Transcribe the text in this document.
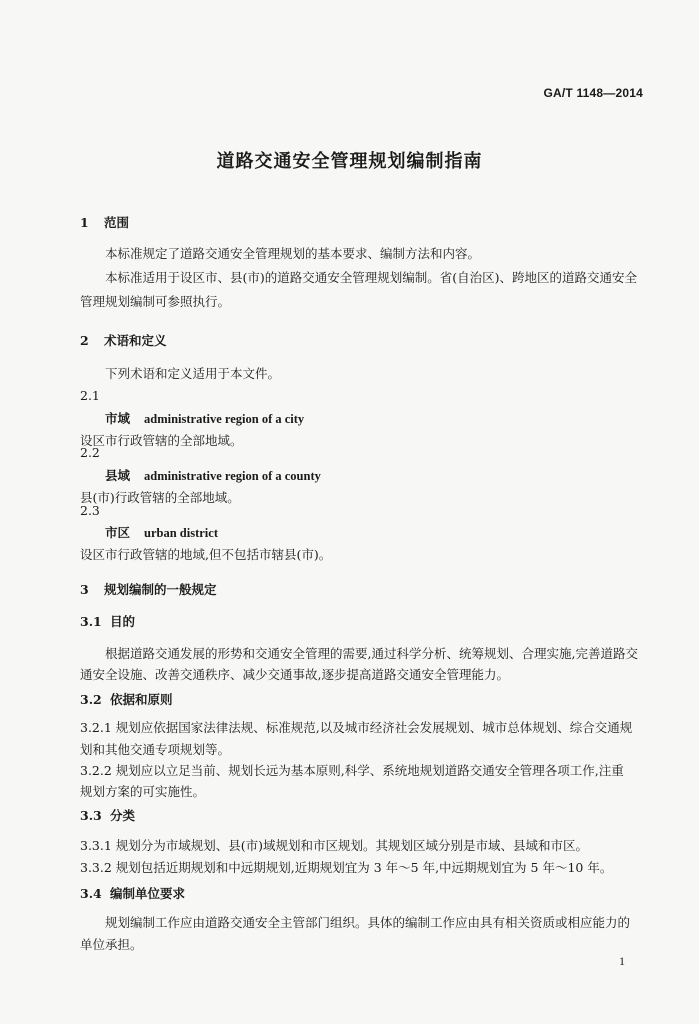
GA/T 1148—2014
道路交通安全管理规划编制指南
1 范围
本标准规定了道路交通安全管理规划的基本要求、编制方法和内容。
本标准适用于设区市、县(市)的道路交通安全管理规划编制。省(自治区)、跨地区的道路交通安全
管理规划编制可参照执行。
2 术语和定义
下列术语和定义适用于本文件。
2.1
市域 administrative region of a city
设区市行政管辖的全部地域。
2.2
县域 administrative region of a county
县(市)行政管辖的全部地域。
2.3
市区 urban district
设区市行政管辖的地域,但不包括市辖县(市)。
3 规划编制的一般规定
3.1 目的
根据道路交通发展的形势和交通安全管理的需要,通过科学分析、统筹规划、合理实施,完善道路交
通安全设施、改善交通秩序、减少交通事故,逐步提高道路交通安全管理能力。
3.2 依据和原则
3.2.1 规划应依据国家法律法规、标准规范,以及城市经济社会发展规划、城市总体规划、综合交通规
划和其他交通专项规划等。
3.2.2 规划应以立足当前、规划长远为基本原则,科学、系统地规划道路交通安全管理各项工作,注重
规划方案的可实施性。
3.3 分类
3.3.1 规划分为市域规划、县(市)域规划和市区规划。其规划区域分别是市域、县域和市区。
3.3.2 规划包括近期规划和中远期规划,近期规划宜为 3 年～5 年,中远期规划宜为 5 年～10 年。
3.4 编制单位要求
规划编制工作应由道路交通安全主管部门组织。具体的编制工作应由具有相关资质或相应能力的
单位承担。
1
